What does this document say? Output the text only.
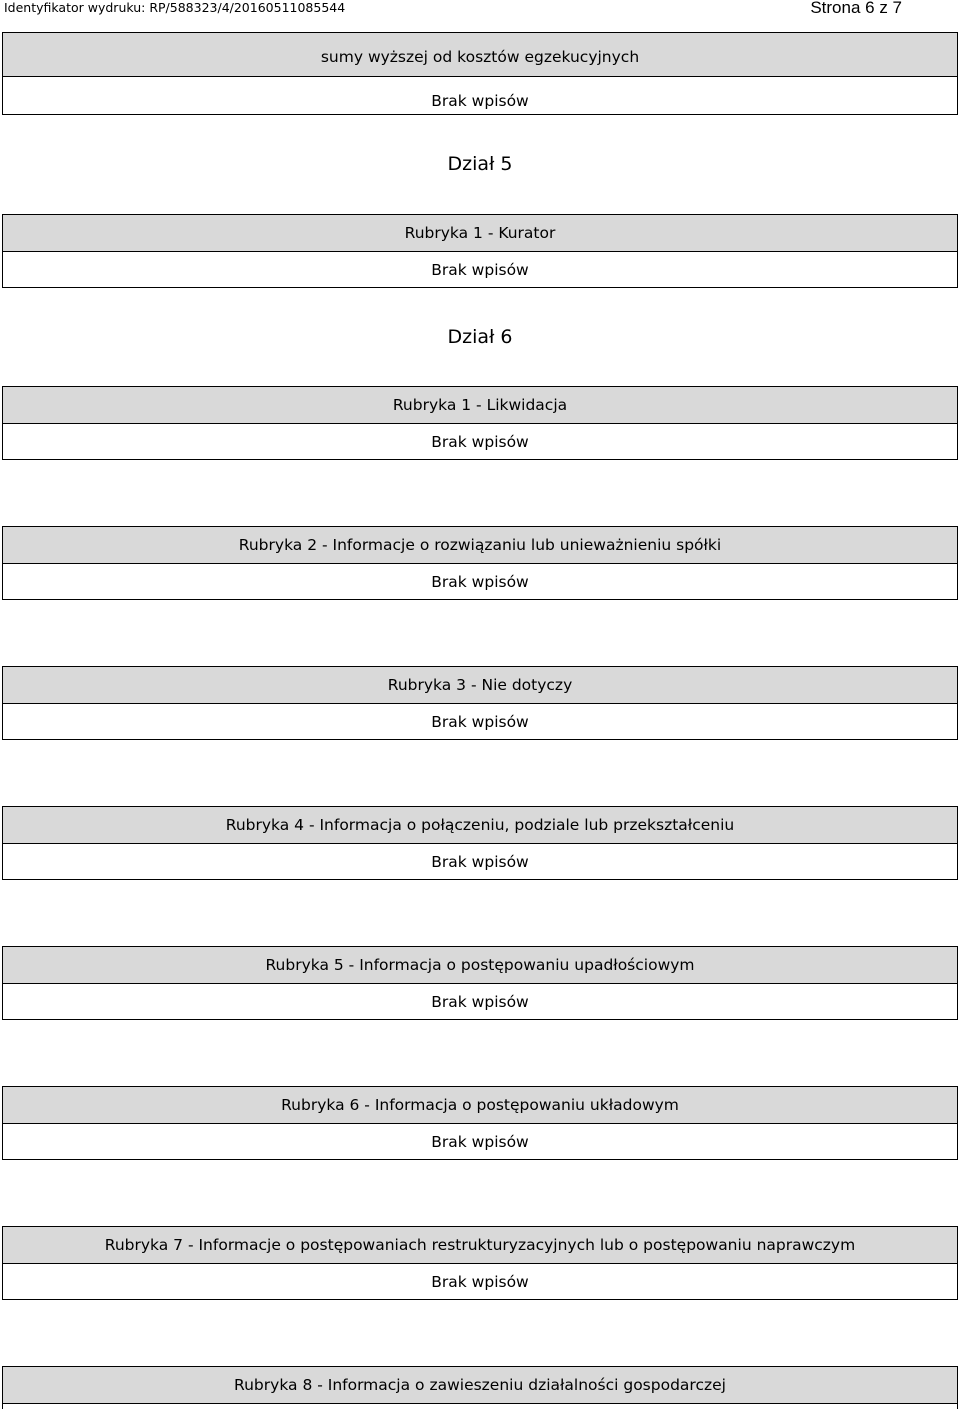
Identyfikator wydruku: RP/588323/4/20160511085544	Strona 6 z 7
sumy wyższej od kosztów egzekucyjnych
Brak wpisów
Dział 5
Rubryka 1 - Kurator
Brak wpisów
Dział 6
Rubryka 1 - Likwidacja
Brak wpisów
Rubryka 2 - Informacje o rozwiązaniu lub unieważnieniu spółki
Brak wpisów
Rubryka 3 - Nie dotyczy
Brak wpisów
Rubryka 4 - Informacja o połączeniu, podziale lub przekształceniu
Brak wpisów
Rubryka 5 - Informacja o postępowaniu upadłościowym
Brak wpisów
Rubryka 6 - Informacja o postępowaniu układowym
Brak wpisów
Rubryka 7 - Informacje o postępowaniach restrukturyzacyjnych lub o postępowaniu naprawczym
Brak wpisów
Rubryka 8 - Informacja o zawieszeniu działalności gospodarczej
